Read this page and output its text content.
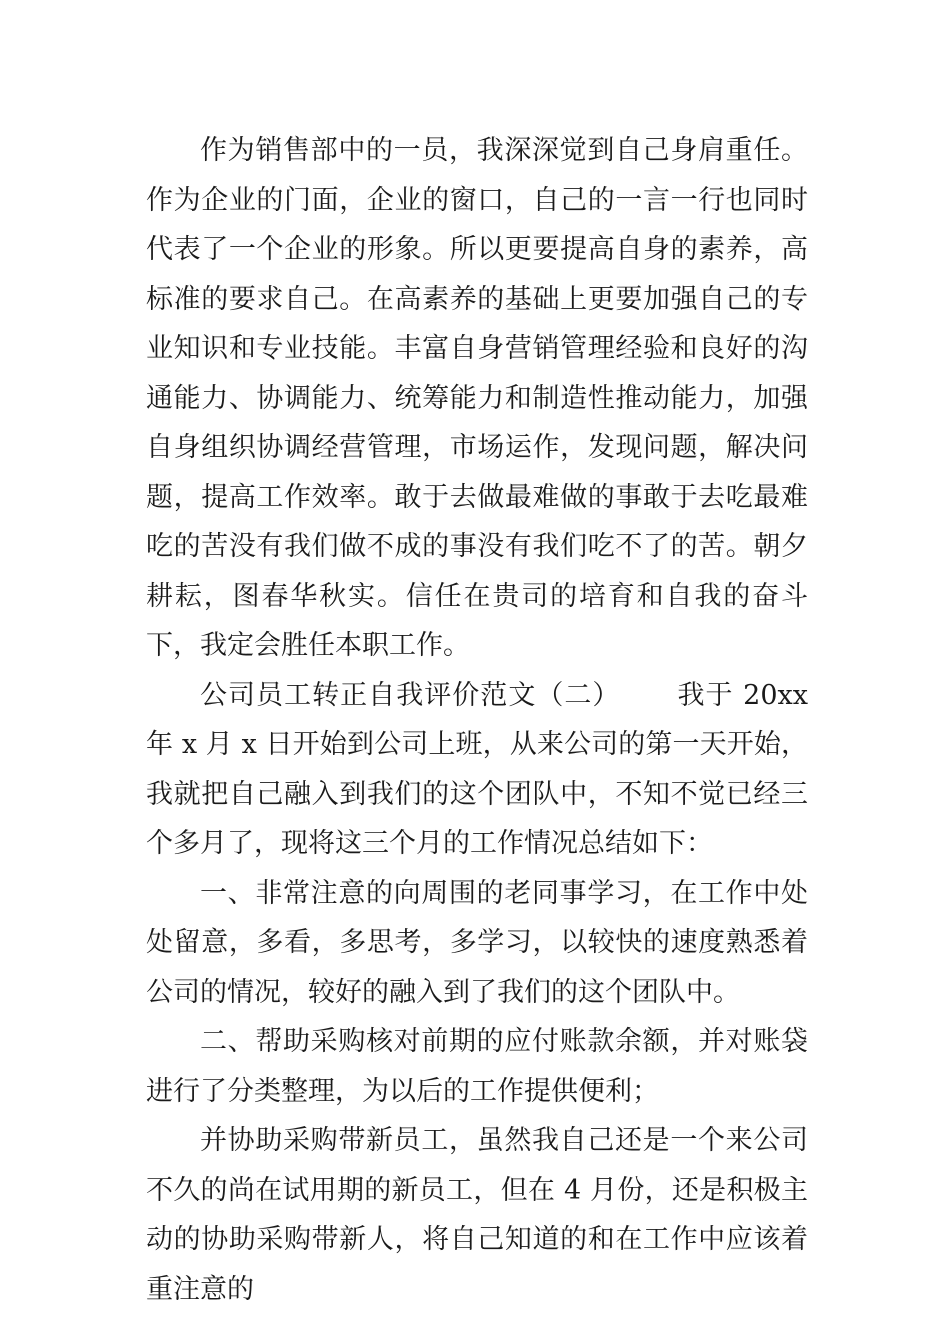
作为销售部中的一员，我深深觉到自己身肩重任。作为企业的门面，企业的窗口，自己的一言一行也同时代表了一个企业的形象。所以更要提高自身的素养，高标准的要求自己。在高素养的基础上更要加强自己的专业知识和专业技能。丰富自身营销管理经验和良好的沟通能力、协调能力、统筹能力和制造性推动能力，加强自身组织协调经营管理，市场运作，发现问题，解决问题，提高工作效率。敢于去做最难做的事敢于去吃最难吃的苦没有我们做不成的事没有我们吃不了的苦。朝夕耕耘，图春华秋实。信任在贵司的培育和自我的奋斗下，我定会胜任本职工作。

公司员工转正自我评价范文（二） 我于 20xx 年 x 月 x 日开始到公司上班，从来公司的第一天开始，我就把自己融入到我们的这个团队中，不知不觉已经三个多月了，现将这三个月的工作情况总结如下：

一、非常注意的向周围的老同事学习，在工作中处处留意，多看，多思考，多学习，以较快的速度熟悉着公司的情况，较好的融入到了我们的这个团队中。

二、帮助采购核对前期的应付账款余额，并对账袋进行了分类整理，为以后的工作提供便利；

并协助采购带新员工，虽然我自己还是一个来公司不久的尚在试用期的新员工，但在 4 月份，还是积极主动的协助采购带新人，将自己知道的和在工作中应该着重注意的
